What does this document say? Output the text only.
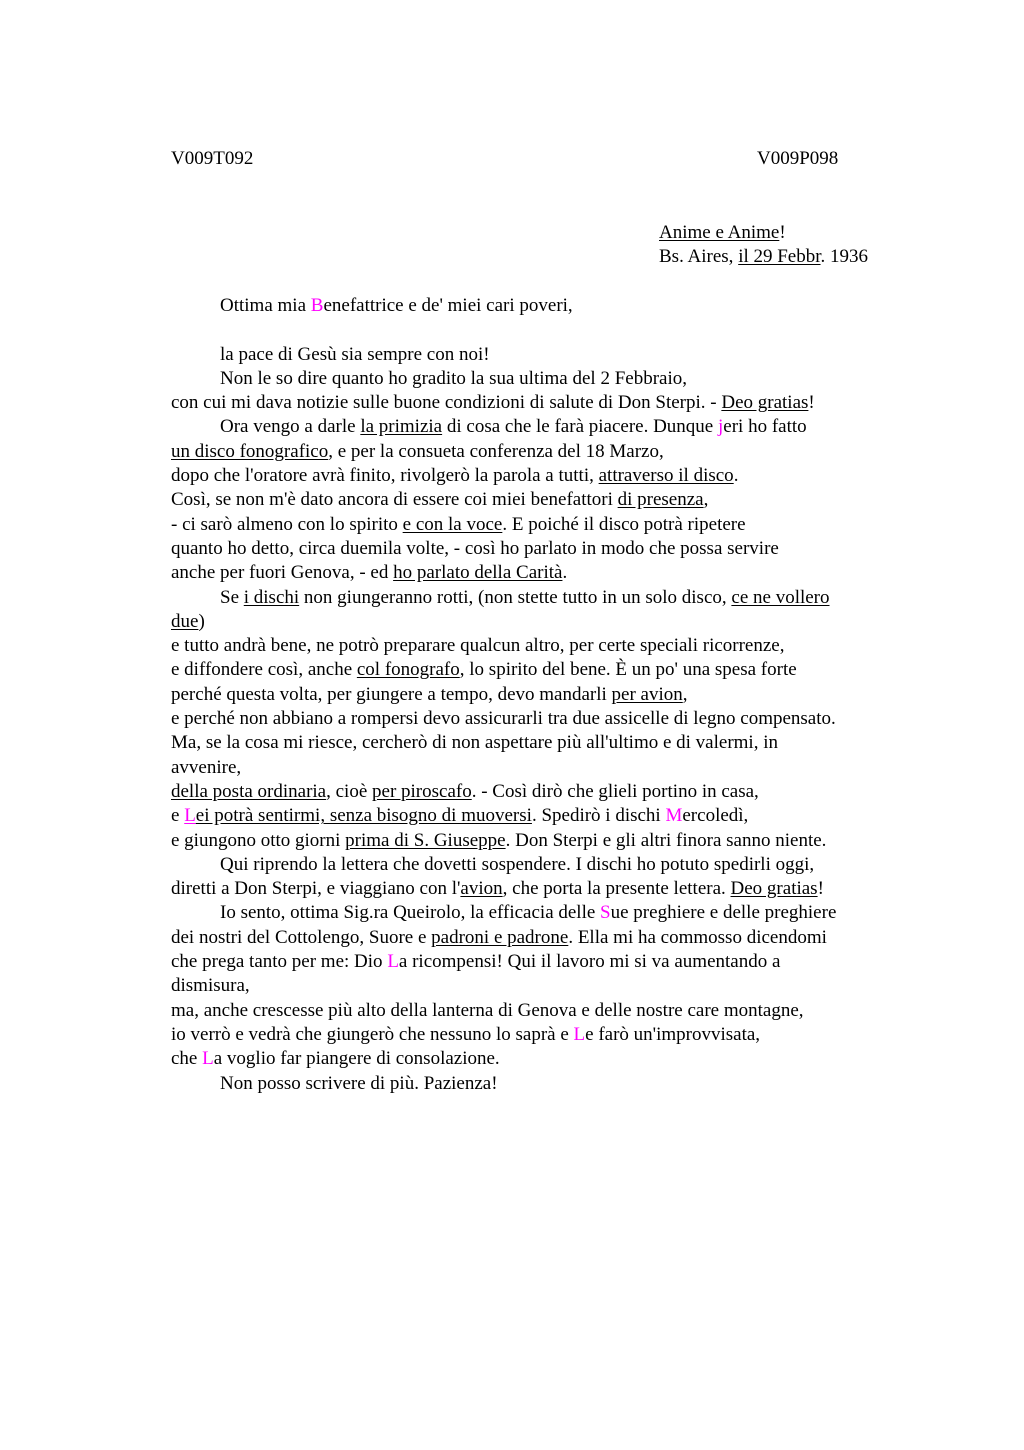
V009T092	V009P098
Anime e Anime!
Bs. Aires, il 29 Febbr. 1936
Ottima mia Benefattrice e de' miei cari poveri,
la pace di Gesù sia sempre con noi!
Non le so dire quanto ho gradito la sua ultima del 2 Febbraio,
con cui mi dava notizie sulle buone condizioni di salute di Don Sterpi. - Deo gratias!
Ora vengo a darle la primizia di cosa che le farà piacere. Dunque jeri ho fatto
un disco fonografico, e per la consueta conferenza del 18 Marzo,
dopo che l'oratore avrà finito, rivolgerò la parola a tutti, attraverso il disco.
Così, se non m'è dato ancora di essere coi miei benefattori di presenza,
- ci sarò almeno con lo spirito e con la voce. E poiché il disco potrà ripetere
quanto ho detto, circa duemila volte, - così ho parlato in modo che possa servire
anche per fuori Genova, - ed ho parlato della Carità.
Se i dischi non giungeranno rotti, (non stette tutto in un solo disco, ce ne vollero
due)
e tutto andrà bene, ne potrò preparare qualcun altro, per certe speciali ricorrenze,
e diffondere così, anche col fonografo, lo spirito del bene. È un po' una spesa forte
perché questa volta, per giungere a tempo, devo mandarli per avion,
e perché non abbiano a rompersi devo assicurarli tra due assicelle di legno compensato.
Ma, se la cosa mi riesce, cercherò di non aspettare più all'ultimo e di valermi, in
avvenire,
della posta ordinaria, cioè per piroscafo. - Così dirò che glieli portino in casa,
e Lei potrà sentirmi, senza bisogno di muoversi. Spedirò i dischi Mercoledì,
e giungono otto giorni prima di S. Giuseppe. Don Sterpi e gli altri finora sanno niente.
Qui riprendo la lettera che dovetti sospendere. I dischi ho potuto spedirli oggi,
diretti a Don Sterpi, e viaggiano con l'avion, che porta la presente lettera. Deo gratias!
Io sento, ottima Sig.ra Queirolo, la efficacia delle Sue preghiere e delle preghiere
dei nostri del Cottolengo, Suore e padroni e padrone. Ella mi ha commosso dicendomi
che prega tanto per me: Dio La ricompensi! Qui il lavoro mi si va aumentando a
dismisura,
ma, anche crescesse più alto della lanterna di Genova e delle nostre care montagne,
io verrò e vedrà che giungerò che nessuno lo saprà e Le farò un'improvvisata,
che La voglio far piangere di consolazione.
Non posso scrivere di più. Pazienza!
